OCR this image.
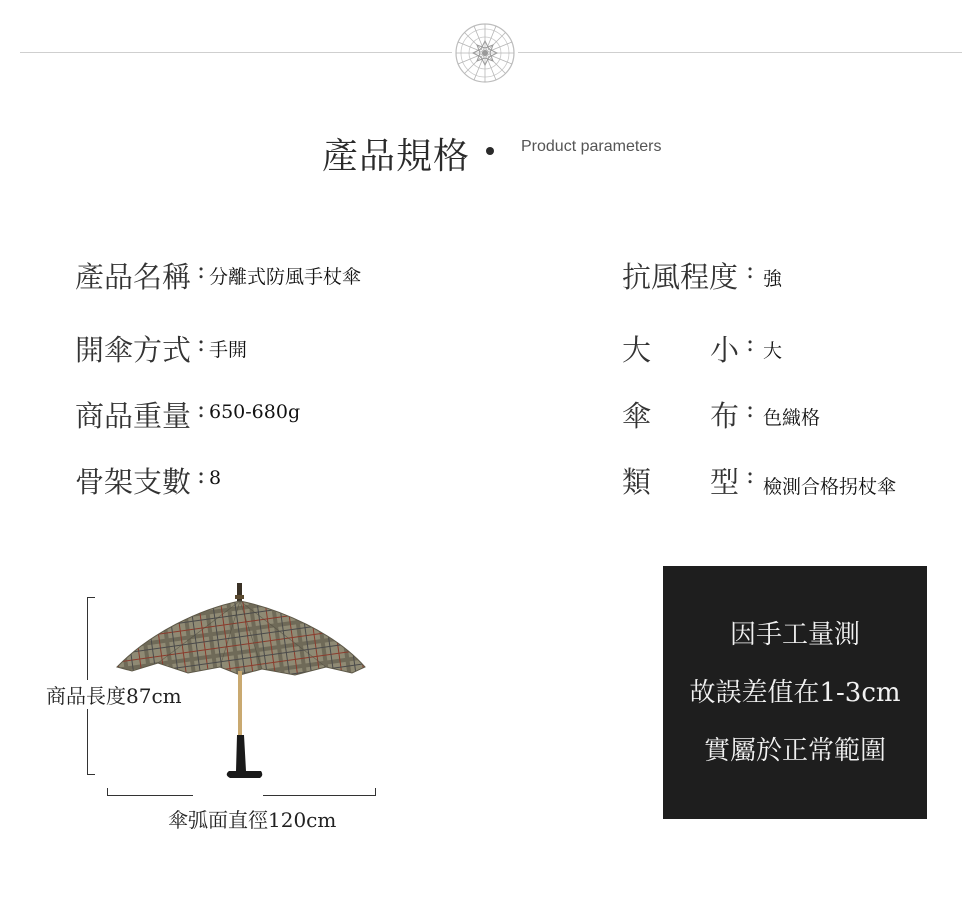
產品規格	Product parameters
產品名稱 : 分離式防風手杖傘
開傘方式 : 手開
商品重量 : 650-680g
骨架支數 : 8
抗風程度 : 強
大 小 : 大
傘 布 : 色織格
類 型 : 檢測合格拐杖傘
商品長度87cm
傘弧面直徑120cm
因手工量測
故誤差值在1-3cm
實屬於正常範圍
